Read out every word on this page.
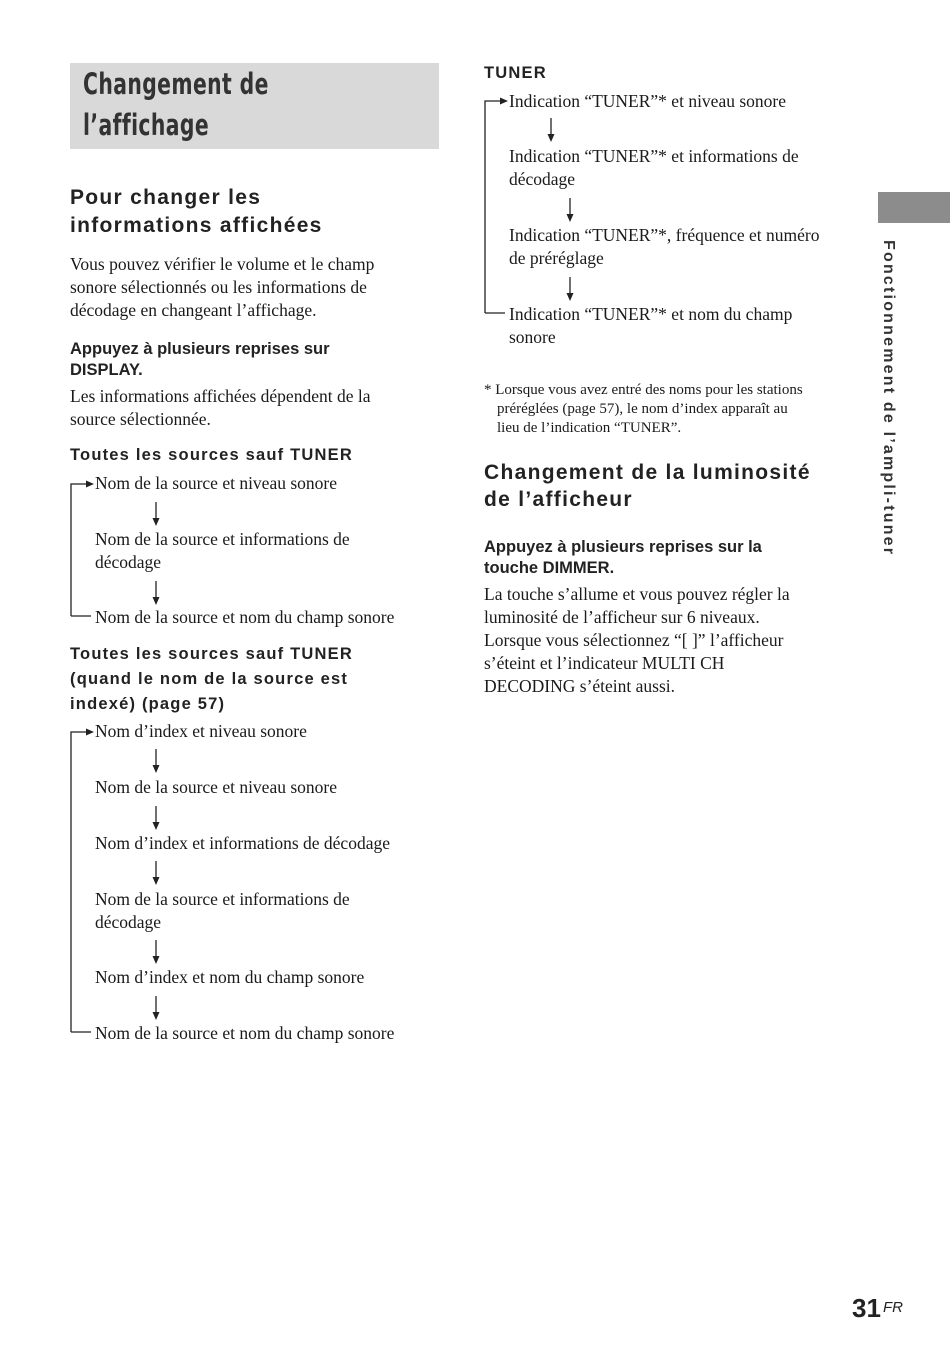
Changement de
l’affichage
Pour changer les
informations affichées
Vous pouvez vérifier le volume et le champ
sonore sélectionnés ou les informations de
décodage en changeant l’affichage.
Appuyez à plusieurs reprises sur
DISPLAY.
Les informations affichées dépendent de la
source sélectionnée.
Toutes les sources sauf TUNER
Nom de la source et niveau sonore
Nom de la source et informations de
décodage
Nom de la source et nom du champ sonore
Toutes les sources sauf TUNER
(quand le nom de la source est
indexé) (page 57)
Nom d’index et niveau sonore
Nom de la source et niveau sonore
Nom d’index et informations de décodage
Nom de la source et informations de
décodage
Nom d’index et nom du champ sonore
Nom de la source et nom du champ sonore
TUNER
Indication “TUNER”* et niveau sonore
Indication “TUNER”* et informations de
décodage
Indication “TUNER”*, fréquence et numéro
de préréglage
Indication “TUNER”* et nom du champ
sonore
* Lorsque vous avez entré des noms pour les stations
préréglées (page 57), le nom d’index apparaît au
lieu de l’indication “TUNER”.
Changement de la luminosité
de l’afficheur
Appuyez à plusieurs reprises sur la
touche DIMMER.
La touche s’allume et vous pouvez régler la
luminosité de l’afficheur sur 6 niveaux.
Lorsque vous sélectionnez “[ ]” l’afficheur
s’éteint et l’indicateur MULTI CH
DECODING s’éteint aussi.
Fonctionnement de l’ampli-tuner
31 FR
